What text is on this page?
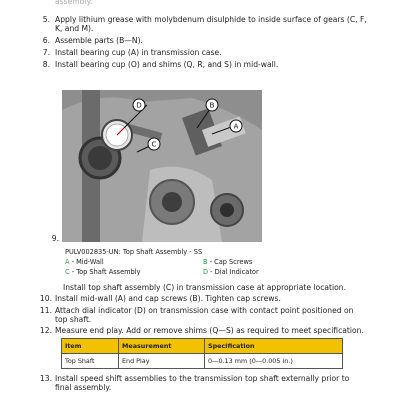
assembly.
5. Apply lithium grease with molybdenum disulphide to inside surface of gears (C, F,
K, and M).
6. Assemble parts (B—N).
7. Install bearing cup (A) in transmission case.
8. Install bearing cup (O) and shims (Q, R, and S) in mid-wall.
9.
D	B
C
A
PULV002835-UN: Top Shaft Assembly - SS
A - Mid-Wall	B - Cap Screws
C - Top Shaft Assembly	D - Dial Indicator
Install top shaft assembly (C) in transmission case at appropriate location.
10. Install mid-wall (A) and cap screws (B). Tighten cap screws.
11. Attach dial indicator (D) on transmission case with contact point positioned on
top shaft.
12. Measure end play. Add or remove shims (Q—S) as required to meet specification.
Item	Measurement	Specification
Top Shaft	End Play	0—0.13 mm (0—0.005 in.)
13. Install speed shift assemblies to the transmission top shaft externally prior to
final assembly.
